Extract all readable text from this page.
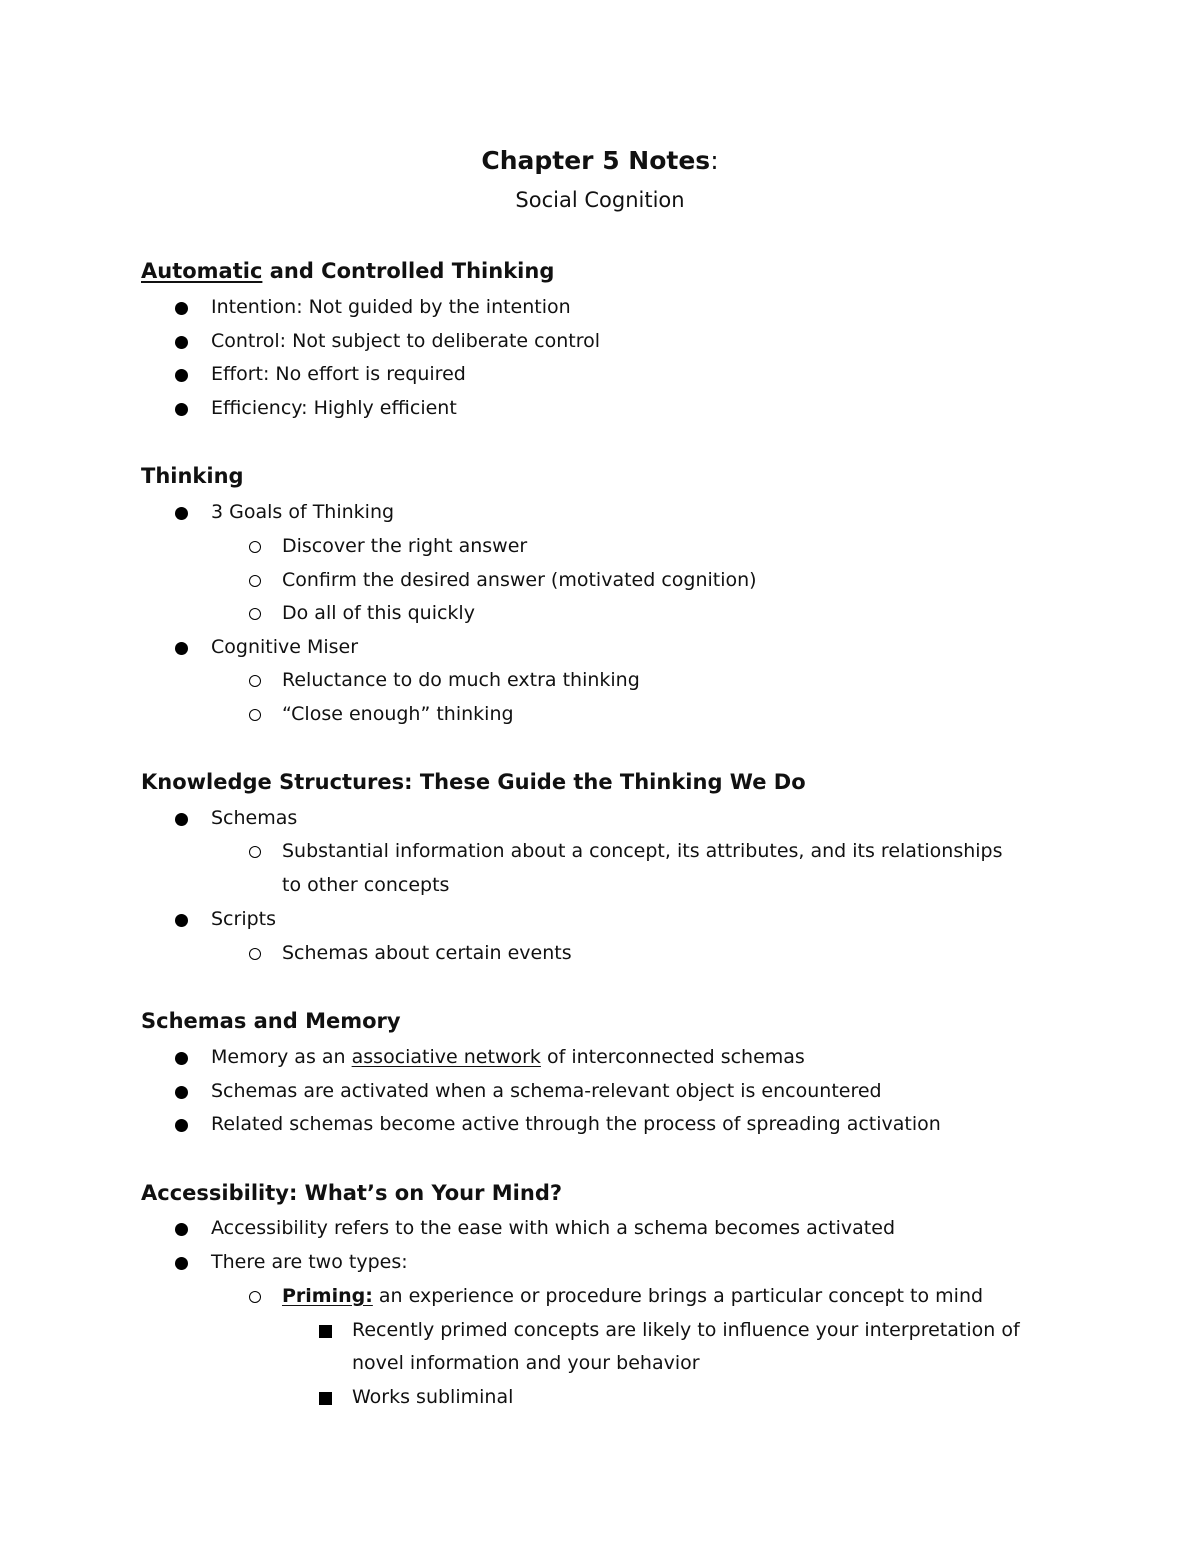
Chapter 5 Notes:
Social Cognition
Automatic and Controlled Thinking
Intention: Not guided by the intention
Control: Not subject to deliberate control
Effort: No effort is required
Efficiency: Highly efficient
Thinking
3 Goals of Thinking
Discover the right answer
Confirm the desired answer (motivated cognition)
Do all of this quickly
Cognitive Miser
Reluctance to do much extra thinking
“Close enough” thinking
Knowledge Structures: These Guide the Thinking We Do
Schemas
Substantial information about a concept, its attributes, and its relationships
to other concepts
Scripts
Schemas about certain events
Schemas and Memory
Memory as an associative network of interconnected schemas
Schemas are activated when a schema-relevant object is encountered
Related schemas become active through the process of spreading activation
Accessibility: What’s on Your Mind?
Accessibility refers to the ease with which a schema becomes activated
There are two types:
Priming: an experience or procedure brings a particular concept to mind
Recently primed concepts are likely to influence your interpretation of
novel information and your behavior
Works subliminal
